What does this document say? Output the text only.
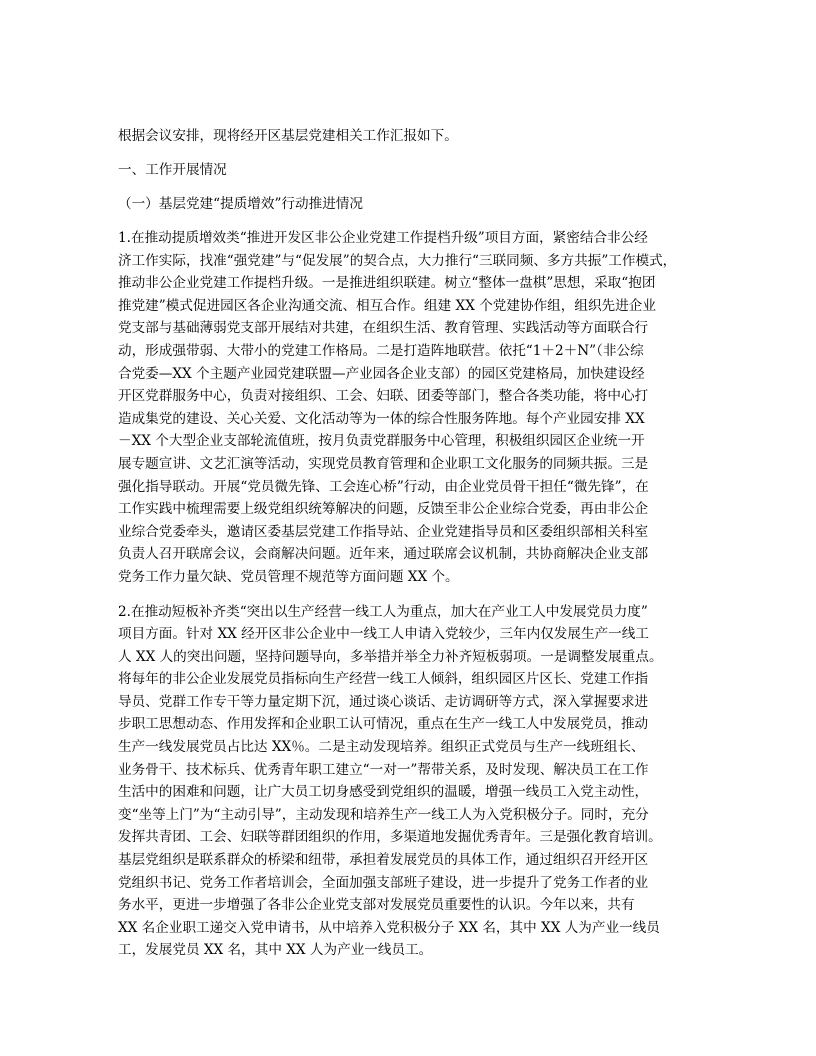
根据会议安排，现将经开区基层党建相关工作汇报如下。

一、工作开展情况

（一）基层党建“提质增效”行动推进情况

1.在推动提质增效类“推进开发区非公企业党建工作提档升级”项目方面，紧密结合非公经
济工作实际，找准“强党建”与“促发展”的契合点，大力推行“三联同频、多方共振”工作模式，
推动非公企业党建工作提档升级。一是推进组织联建。树立“整体一盘棋”思想，采取“抱团
推党建”模式促进园区各企业沟通交流、相互合作。组建 XX 个党建协作组，组织先进企业
党支部与基础薄弱党支部开展结对共建，在组织生活、教育管理、实践活动等方面联合行
动，形成强带弱、大带小的党建工作格局。二是打造阵地联营。依托“1＋2＋N”（非公综
合党委—XX 个主题产业园党建联盟—产业园各企业支部）的园区党建格局，加快建设经
开区党群服务中心，负责对接组织、工会、妇联、团委等部门，整合各类功能，将中心打
造成集党的建设、关心关爱、文化活动等为一体的综合性服务阵地。每个产业园安排 XX
－XX 个大型企业支部轮流值班，按月负责党群服务中心管理，积极组织园区企业统一开
展专题宣讲、文艺汇演等活动，实现党员教育管理和企业职工文化服务的同频共振。三是
强化指导联动。开展“党员微先锋、工会连心桥”行动，由企业党员骨干担任“微先锋”，在
工作实践中梳理需要上级党组织统筹解决的问题，反馈至非公企业综合党委，再由非公企
业综合党委牵头，邀请区委基层党建工作指导站、企业党建指导员和区委组织部相关科室
负责人召开联席会议，会商解决问题。近年来，通过联席会议机制，共协商解决企业支部
党务工作力量欠缺、党员管理不规范等方面问题 XX 个。
2.在推动短板补齐类“突出以生产经营一线工人为重点，加大在产业工人中发展党员力度”
项目方面。针对 XX 经开区非公企业中一线工人申请入党较少，三年内仅发展生产一线工
人 XX 人的突出问题，坚持问题导向，多举措并举全力补齐短板弱项。一是调整发展重点。
将每年的非公企业发展党员指标向生产经营一线工人倾斜，组织园区片区长、党建工作指
导员、党群工作专干等力量定期下沉，通过谈心谈话、走访调研等方式，深入掌握要求进
步职工思想动态、作用发挥和企业职工认可情况，重点在生产一线工人中发展党员，推动
生产一线发展党员占比达 XX％。二是主动发现培养。组织正式党员与生产一线班组长、
业务骨干、技术标兵、优秀青年职工建立“一对一”帮带关系，及时发现、解决员工在工作
生活中的困难和问题，让广大员工切身感受到党组织的温暖，增强一线员工入党主动性，
变“坐等上门”为“主动引导”，主动发现和培养生产一线工人为入党积极分子。同时，充分
发挥共青团、工会、妇联等群团组织的作用，多渠道地发掘优秀青年。三是强化教育培训。
基层党组织是联系群众的桥梁和纽带，承担着发展党员的具体工作，通过组织召开经开区
党组织书记、党务工作者培训会，全面加强支部班子建设，进一步提升了党务工作者的业
务水平，更进一步增强了各非公企业党支部对发展党员重要性的认识。今年以来，共有
XX 名企业职工递交入党申请书，从中培养入党积极分子 XX 名，其中 XX 人为产业一线员
工，发展党员 XX 名，其中 XX 人为产业一线员工。
